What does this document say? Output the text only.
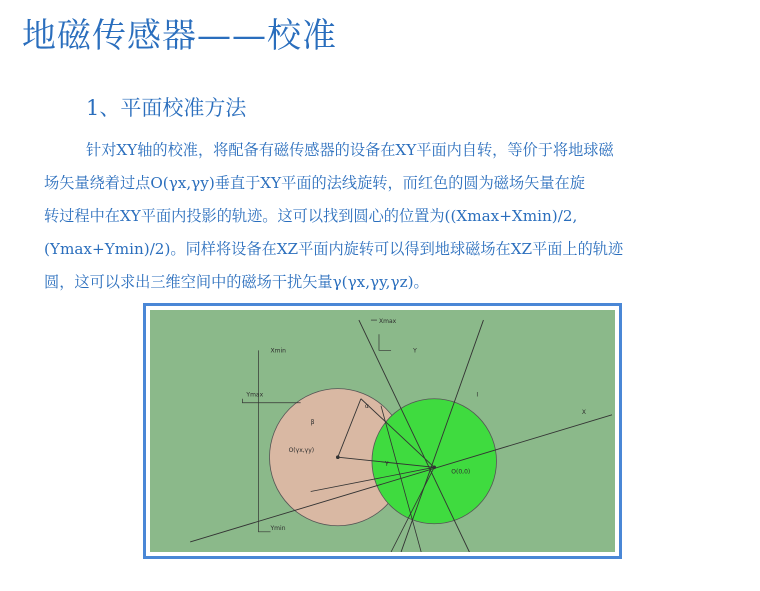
地磁传感器——校准
1、平面校准方法
针对XY轴的校准，将配备有磁传感器的设备在XY平面内自转，等价于将地球磁
场矢量绕着过点O(γx,γy)垂直于XY平面的法线旋转，而红色的圆为磁场矢量在旋
转过程中在XY平面内投影的轨迹。这可以找到圆心的位置为((Xmax+Xmin)/2,
(Ymax+Ymin)/2)。同样将设备在XZ平面内旋转可以得到地球磁场在XZ平面上的轨迹
圆，这可以求出三维空间中的磁场干扰矢量γ(γx,γy,γz)。
Xmax
Y
Xmin
Ymax
β
α
γ
I
X
O(γx,γy)
O(0,0)
Ymin
